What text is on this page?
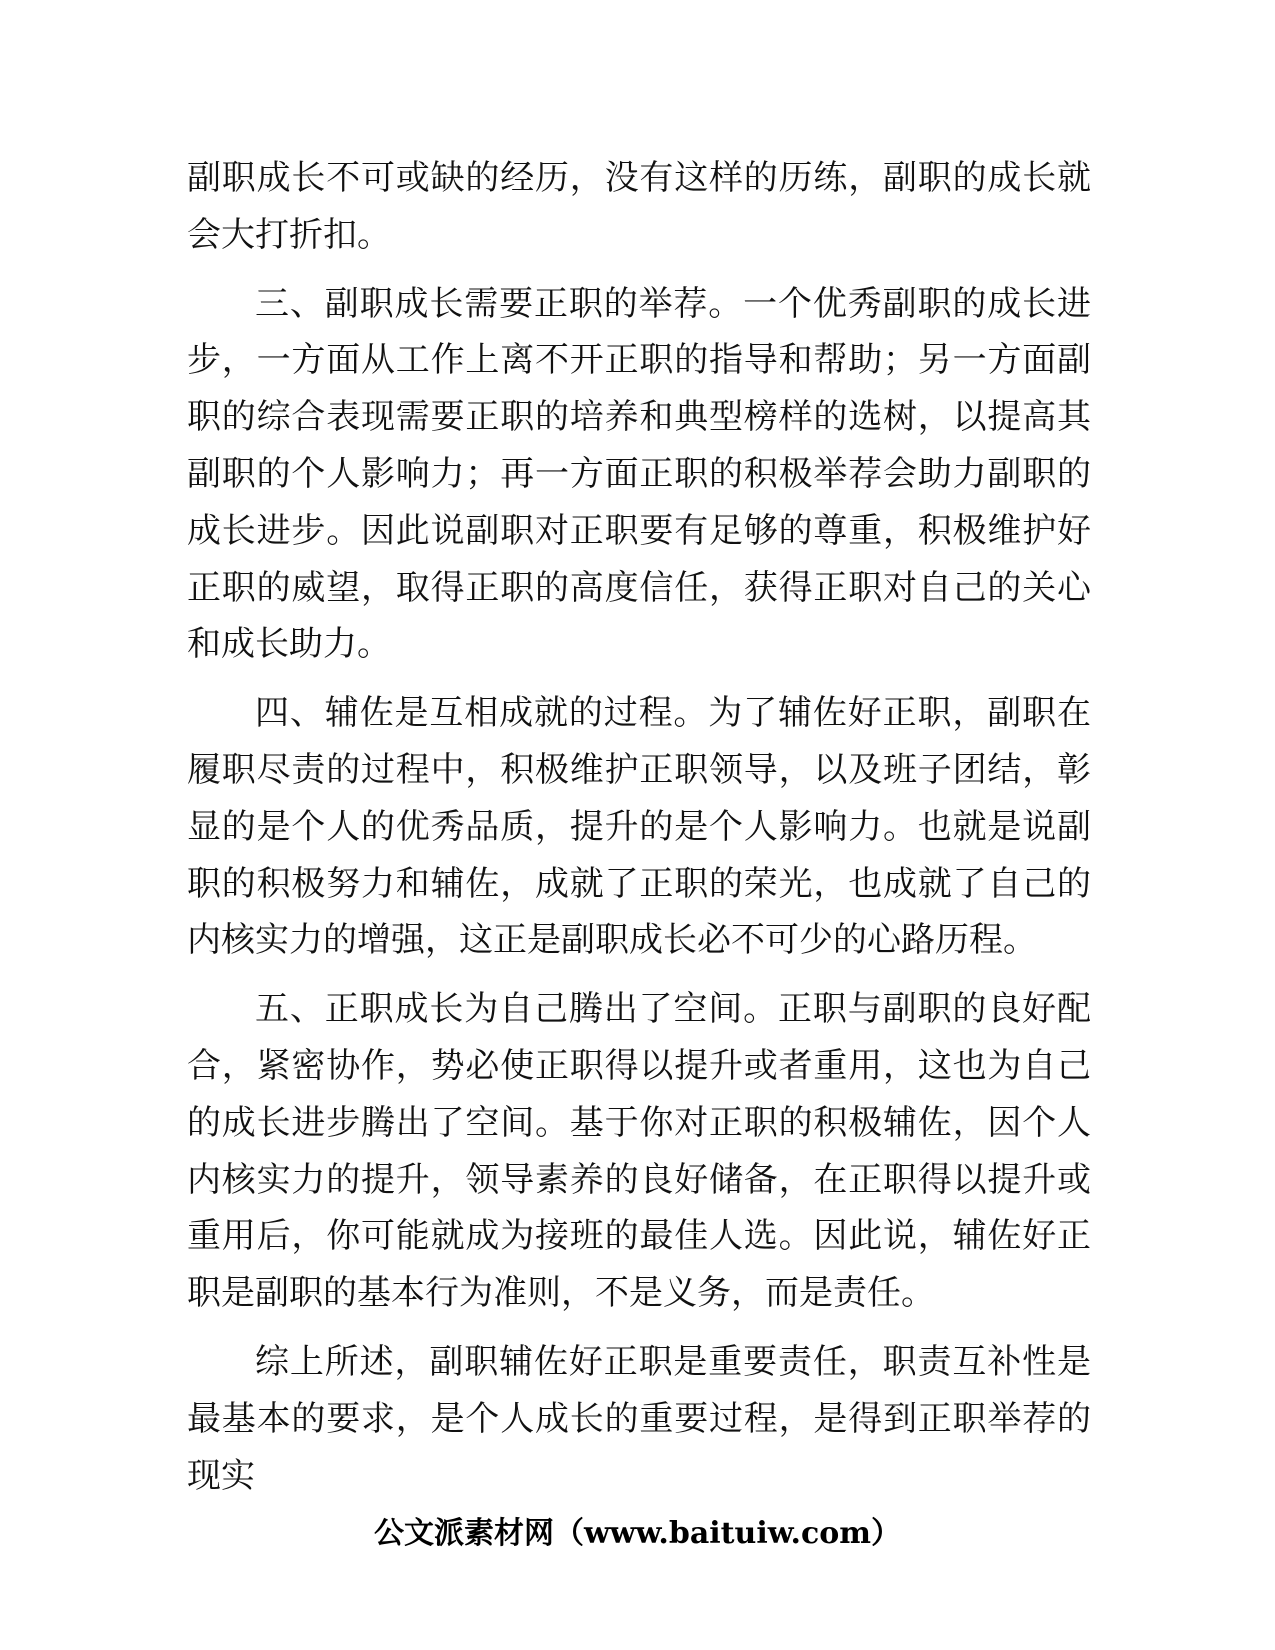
副职成长不可或缺的经历，没有这样的历练，副职的成长就会大打折扣。

三、副职成长需要正职的举荐。一个优秀副职的成长进步，一方面从工作上离不开正职的指导和帮助；另一方面副职的综合表现需要正职的培养和典型榜样的选树，以提高其副职的个人影响力；再一方面正职的积极举荐会助力副职的成长进步。因此说副职对正职要有足够的尊重，积极维护好正职的威望，取得正职的高度信任，获得正职对自己的关心和成长助力。

四、辅佐是互相成就的过程。为了辅佐好正职，副职在履职尽责的过程中，积极维护正职领导，以及班子团结，彰显的是个人的优秀品质，提升的是个人影响力。也就是说副职的积极努力和辅佐，成就了正职的荣光，也成就了自己的内核实力的增强，这正是副职成长必不可少的心路历程。

五、正职成长为自己腾出了空间。正职与副职的良好配合，紧密协作，势必使正职得以提升或者重用，这也为自己的成长进步腾出了空间。基于你对正职的积极辅佐，因个人内核实力的提升，领导素养的良好储备，在正职得以提升或重用后，你可能就成为接班的最佳人选。因此说，辅佐好正职是副职的基本行为准则，不是义务，而是责任。

综上所述，副职辅佐好正职是重要责任，职责互补性是最基本的要求，是个人成长的重要过程，是得到正职举荐的现实

公文派素材网（www.baituiw.com）
